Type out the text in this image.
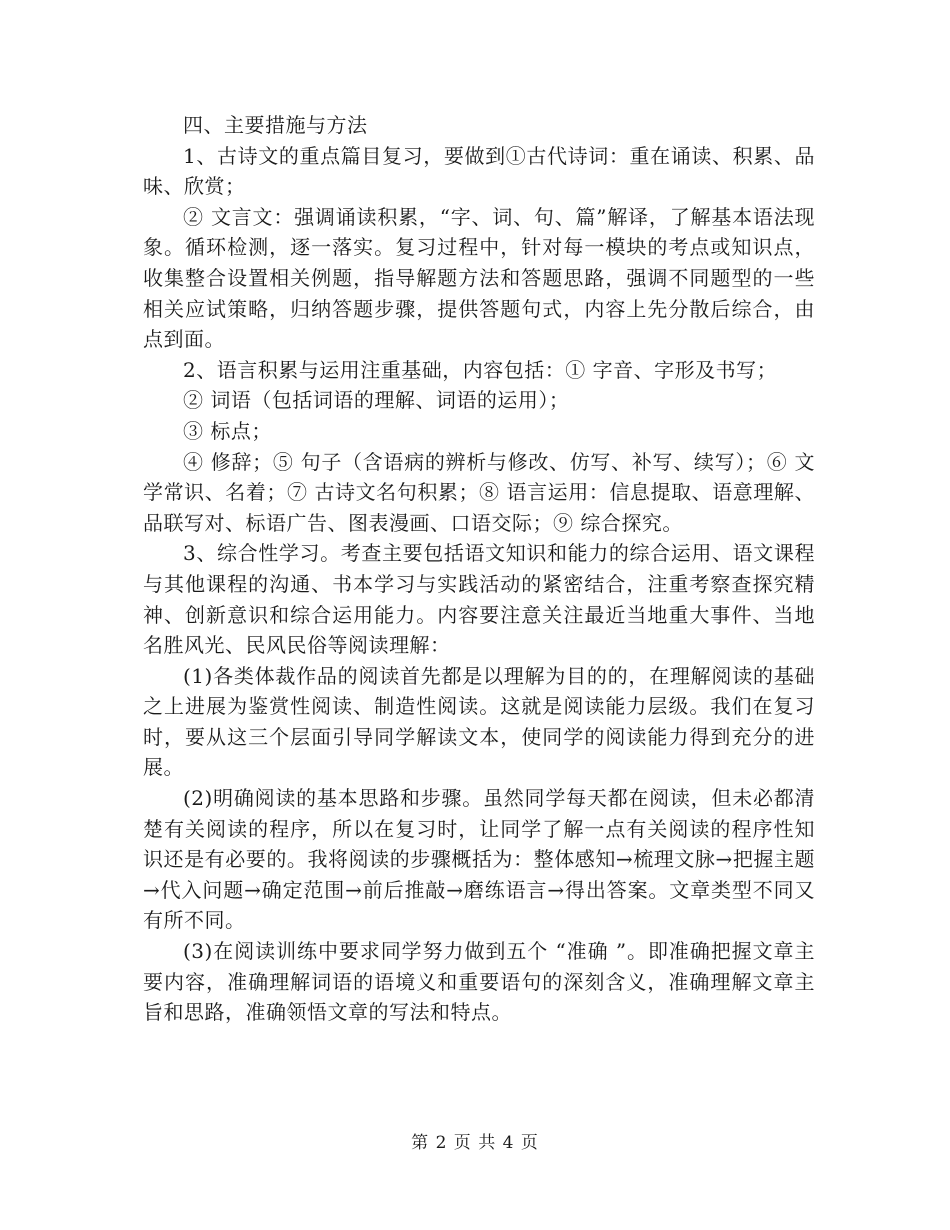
四、主要措施与方法

1、古诗文的重点篇目复习，要做到①古代诗词：重在诵读、积累、品味、欣赏；

② 文言文：强调诵读积累，“字、词、句、篇”解译，了解基本语法现象。循环检测，逐一落实。复习过程中，针对每一模块的考点或知识点，收集整合设置相关例题，指导解题方法和答题思路，强调不同题型的一些相关应试策略，归纳答题步骤，提供答题句式，内容上先分散后综合，由点到面。

2、语言积累与运用注重基础，内容包括：① 字音、字形及书写；

② 词语（包括词语的理解、词语的运用）；

③ 标点；

④ 修辞；⑤ 句子（含语病的辨析与修改、仿写、补写、续写）；⑥ 文学常识、名着；⑦ 古诗文名句积累；⑧ 语言运用：信息提取、语意理解、品联写对、标语广告、图表漫画、口语交际；⑨ 综合探究。

3、综合性学习。考查主要包括语文知识和能力的综合运用、语文课程与其他课程的沟通、书本学习与实践活动的紧密结合，注重考察查探究精神、创新意识和综合运用能力。内容要注意关注最近当地重大事件、当地名胜风光、民风民俗等阅读理解：

(1)各类体裁作品的阅读首先都是以理解为目的的，在理解阅读的基础之上进展为鉴赏性阅读、制造性阅读。这就是阅读能力层级。我们在复习时，要从这三个层面引导同学解读文本，使同学的阅读能力得到充分的进展。

(2)明确阅读的基本思路和步骤。虽然同学每天都在阅读，但未必都清楚有关阅读的程序，所以在复习时，让同学了解一点有关阅读的程序性知识还是有必要的。我将阅读的步骤概括为：整体感知→梳理文脉→把握主题→代入问题→确定范围→前后推敲→磨练语言→得出答案。文章类型不同又有所不同。

(3)在阅读训练中要求同学努力做到五个 “准确 ”。即准确把握文章主要内容，准确理解词语的语境义和重要语句的深刻含义，准确理解文章主旨和思路，准确领悟文章的写法和特点。

第 2 页 共 4 页
